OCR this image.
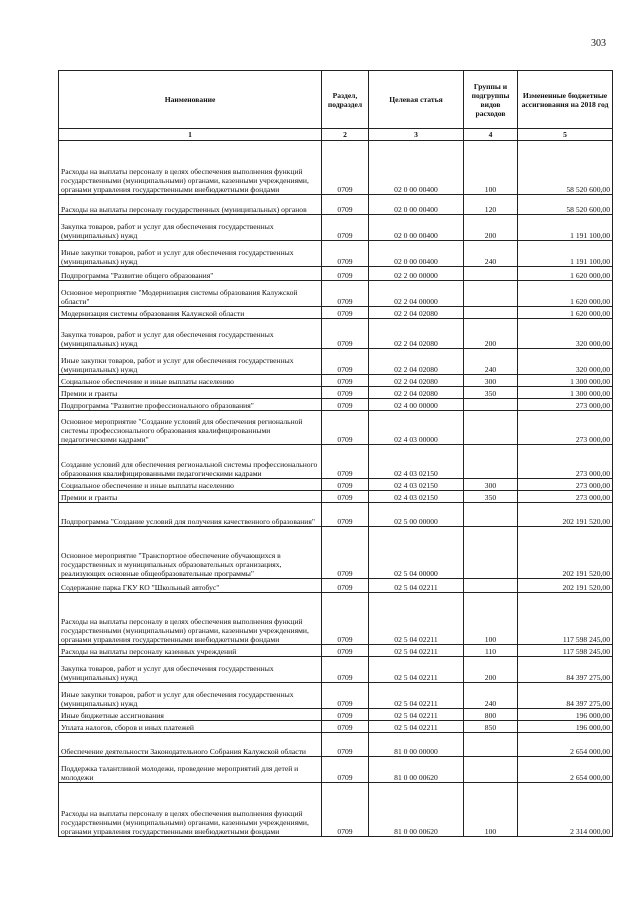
303
Наименование	Раздел, подраздел	Целевая статья	Группы и подгруппы видов расходов	Измененные бюджетные ассигнования на 2018 год
1	2	3	4	5
Расходы на выплаты персоналу в целях обеспечения выполнения функций государственными (муниципальными) органами, казенными учреждениями, органами управления государственными внебюджетными фондами	0709	02 0 00 00400	100	58 520 600,00
Расходы на выплаты персоналу государственных (муниципальных) органов	0709	02 0 00 00400	120	58 520 600,00
Закупка товаров, работ и услуг для обеспечения государственных (муниципальных) нужд	0709	02 0 00 00400	200	1 191 100,00
Иные закупки товаров, работ и услуг для обеспечения государственных (муниципальных) нужд	0709	02 0 00 00400	240	1 191 100,00
Подпрограмма "Развитие общего образования"	0709	02 2 00 00000		1 620 000,00
Основное мероприятие "Модернизация системы образования Калужской области"	0709	02 2 04 00000		1 620 000,00
Модернизация системы образования Калужской области	0709	02 2 04 02080		1 620 000,00
Закупка товаров, работ и услуг для обеспечения государственных (муниципальных) нужд	0709	02 2 04 02080	200	320 000,00
Иные закупки товаров, работ и услуг для обеспечения государственных (муниципальных) нужд	0709	02 2 04 02080	240	320 000,00
Социальное обеспечение и иные выплаты населению	0709	02 2 04 02080	300	1 300 000,00
Премии и гранты	0709	02 2 04 02080	350	1 300 000,00
Подпрограмма "Развитие профессионального образования"	0709	02 4 00 00000		273 000,00
Основное мероприятие "Создание условий для обеспечения региональной системы профессионального образования квалифицированными педагогическими кадрами"	0709	02 4 03 00000		273 000,00
Создание условий для обеспечения региональной системы профессионального образования квалифицированными педагогическими кадрами	0709	02 4 03 02150		273 000,00
Социальное обеспечение и иные выплаты населению	0709	02 4 03 02150	300	273 000,00
Премии и гранты	0709	02 4 03 02150	350	273 000,00
Подпрограмма "Создание условий для получения качественного образования"	0709	02 5 00 00000		202 191 520,00
Основное мероприятие "Транспортное обеспечение обучающихся в государственных и муниципальных образовательных организациях, реализующих основные общеобразовательные программы"	0709	02 5 04 00000		202 191 520,00
Содержание парка ГКУ КО "Школьный автобус"	0709	02 5 04 02211		202 191 520,00
Расходы на выплаты персоналу в целях обеспечения выполнения функций государственными (муниципальными) органами, казенными учреждениями, органами управления государственными внебюджетными фондами	0709	02 5 04 02211	100	117 598 245,00
Расходы на выплаты персоналу казенных учреждений	0709	02 5 04 02211	110	117 598 245,00
Закупка товаров, работ и услуг для обеспечения государственных (муниципальных) нужд	0709	02 5 04 02211	200	84 397 275,00
Иные закупки товаров, работ и услуг для обеспечения государственных (муниципальных) нужд	0709	02 5 04 02211	240	84 397 275,00
Иные бюджетные ассигнования	0709	02 5 04 02211	800	196 000,00
Уплата налогов, сборов и иных платежей	0709	02 5 04 02211	850	196 000,00
Обеспечение деятельности Законодательного Собрания Калужской области	0709	81 0 00 00000		2 654 000,00
Поддержка талантливой молодежи, проведение мероприятий для детей и молодежи	0709	81 0 00 00620		2 654 000,00
Расходы на выплаты персоналу в целях обеспечения выполнения функций государственными (муниципальными) органами, казенными учреждениями, органами управления государственными внебюджетными фондами	0709	81 0 00 00620	100	2 314 000,00
